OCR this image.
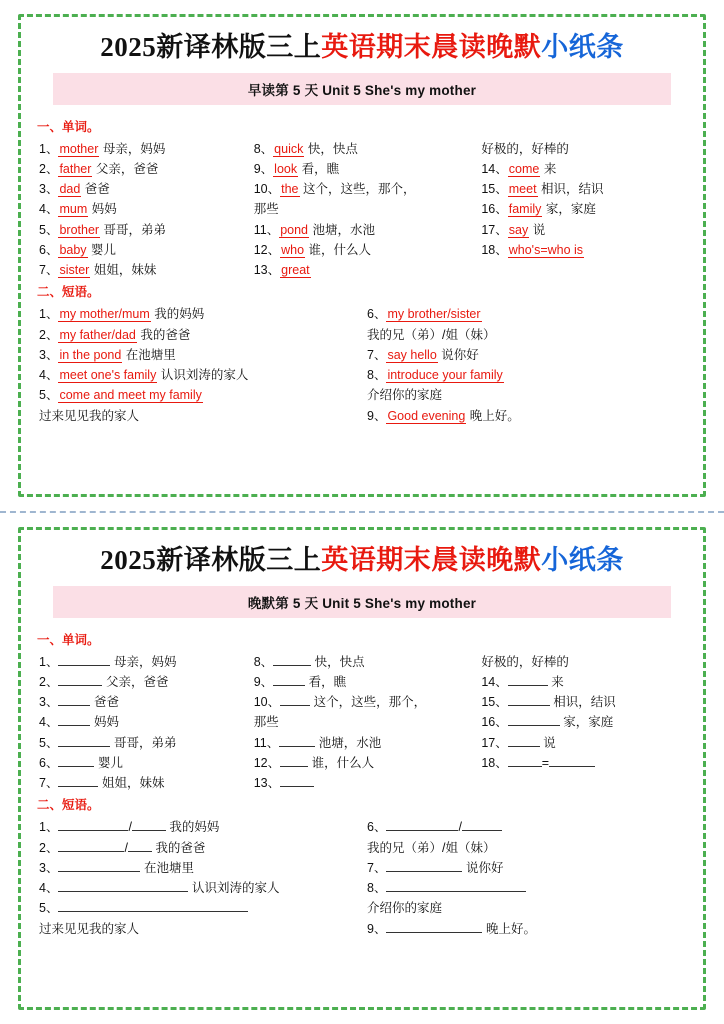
2025新译林版三上英语期末晨读晚默小纸条
早读第 5 天 Unit 5 She's my mother
一、单词。
1、mother 母亲，妈妈
2、father 父亲，爸爸
3、dad 爸爸
4、mum 妈妈
5、brother 哥哥，弟弟
6、baby 婴儿
7、sister 姐姐，妹妹
8、quick 快，快点
9、look 看，瞧
10、the 这个，这些，那个，
那些
11、pond 池塘，水池
12、who 谁，什么人
13、great
好极的，好棒的
14、come 来
15、meet 相识，结识
16、family 家，家庭
17、say 说
18、who's=who is
二、短语。
1、my mother/mum 我的妈妈
2、my father/dad 我的爸爸
3、in the pond 在池塘里
4、meet one's family 认识刘涛的家人
5、come and meet my family
过来见见我的家人
6、my brother/sister
我的兄（弟）/姐（妹）
7、say hello 说你好
8、introduce your family
介绍你的家庭
9、Good evening 晚上好。
2025新译林版三上英语期末晨读晚默小纸条
晚默第 5 天 Unit 5 She's my mother
一、单词。
1、	母亲，妈妈
2、	父亲，爸爸
3、	爸爸
4、	妈妈
5、	哥哥，弟弟
6、	婴儿
7、	姐姐，妹妹
8、	快，快点
9、	看，瞧
10、	这个，这些，那个，
那些
11、	池塘，水池
12、	谁，什么人
13、
好极的，好棒的
14、	来
15、	相识，结识
16、	家，家庭
17、	说
18、	=
二、短语。
1、	/	我的妈妈
2、	/ 我的爸爸
3、	在池塘里
4、	认识刘涛的家人
5、
过来见见我的家人
6、	/
我的兄（弟）/姐（妹）
7、	说你好
8、
介绍你的家庭
9、	晚上好。
